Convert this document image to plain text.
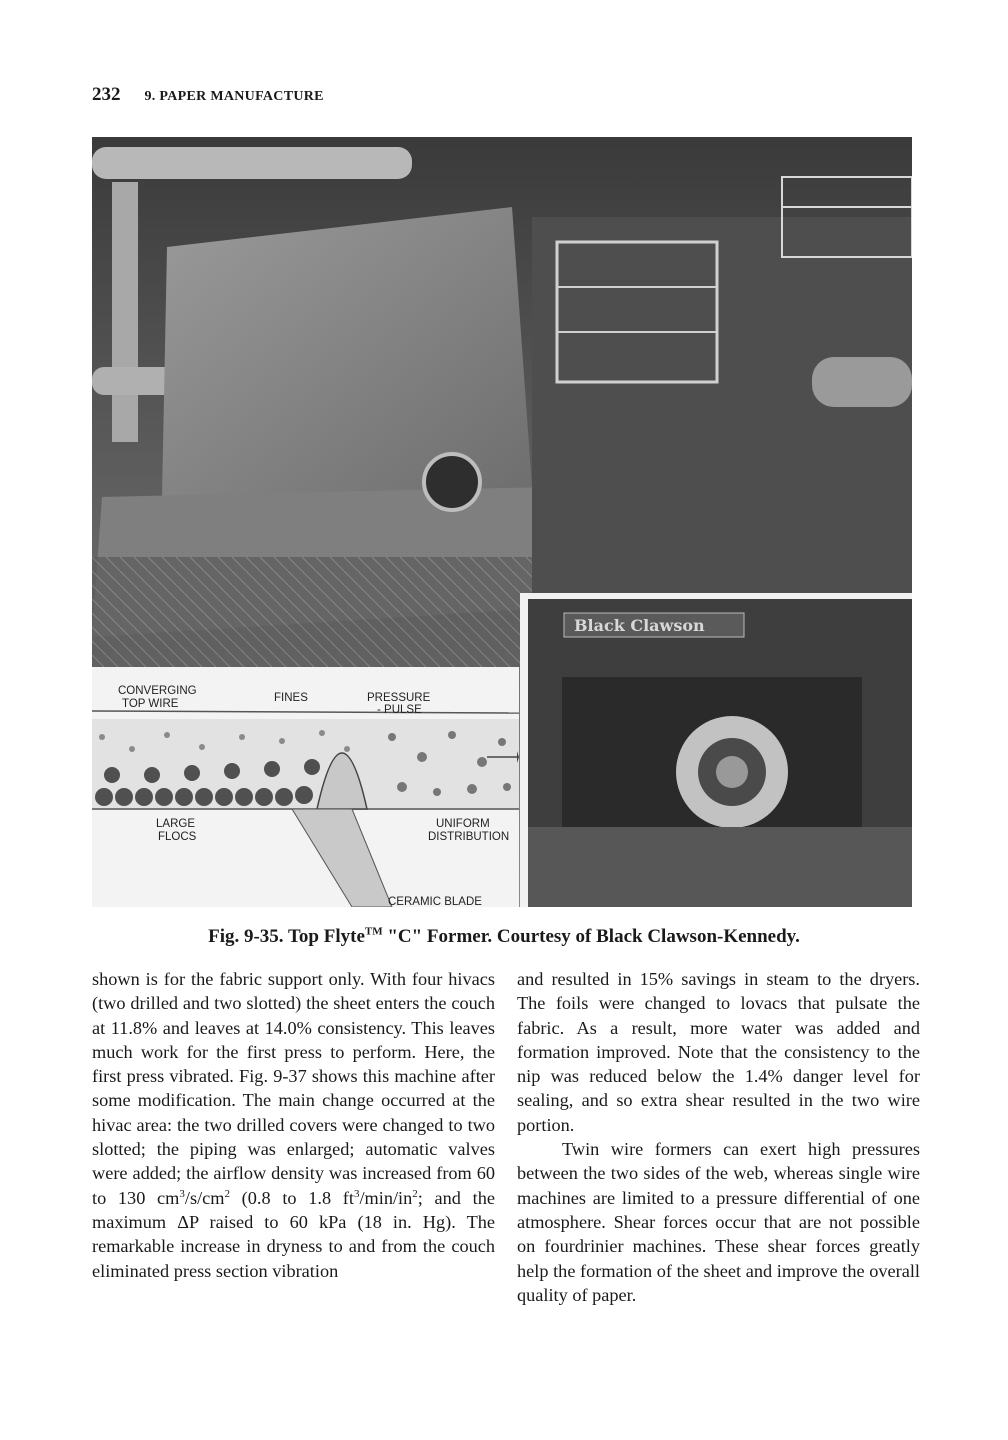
232 9. PAPER MANUFACTURE
CONVERGING
TOP WIRE	FINES	PRESSURE
- PULSE
LARGE
FLOCS
UNIFORM
DISTRIBUTION
CERAMIC BLADE
Black Clawson
Fig. 9-35. Top Flyte™ "C" Former. Courtesy of Black Clawson-Kennedy.

shown is for the fabric support only. With four hivacs (two drilled and two slotted) the sheet enters the couch at 11.8% and leaves at 14.0% consistency. This leaves much work for the first press to perform. Here, the first press vibrated. Fig. 9-37 shows this machine after some modification. The main change occurred at the hivac area: the two drilled covers were changed to two slotted; the piping was enlarged; automatic valves were added; the airflow density was increased from 60 to 130 $cm^3/s/cm^2$ (0.8 to 1.8 $ft^3/\min/in^2$; and the maximum ΔP raised to 60 kPa (18 in. Hg). The remarkable increase in dryness to and from the couch eliminated press section vibration

and resulted in 15% savings in steam to the dryers. The foils were changed to lovacs that pulsate the fabric. As a result, more water was added and formation improved. Note that the consistency to the nip was reduced below the 1.4% danger level for sealing, and so extra shear resulted in the two wire portion.

Twin wire formers can exert high pressures between the two sides of the web, whereas single wire machines are limited to a pressure differential of one atmosphere. Shear forces occur that are not possible on fourdrinier machines. These shear forces greatly help the formation of the sheet and improve the overall quality of paper.
